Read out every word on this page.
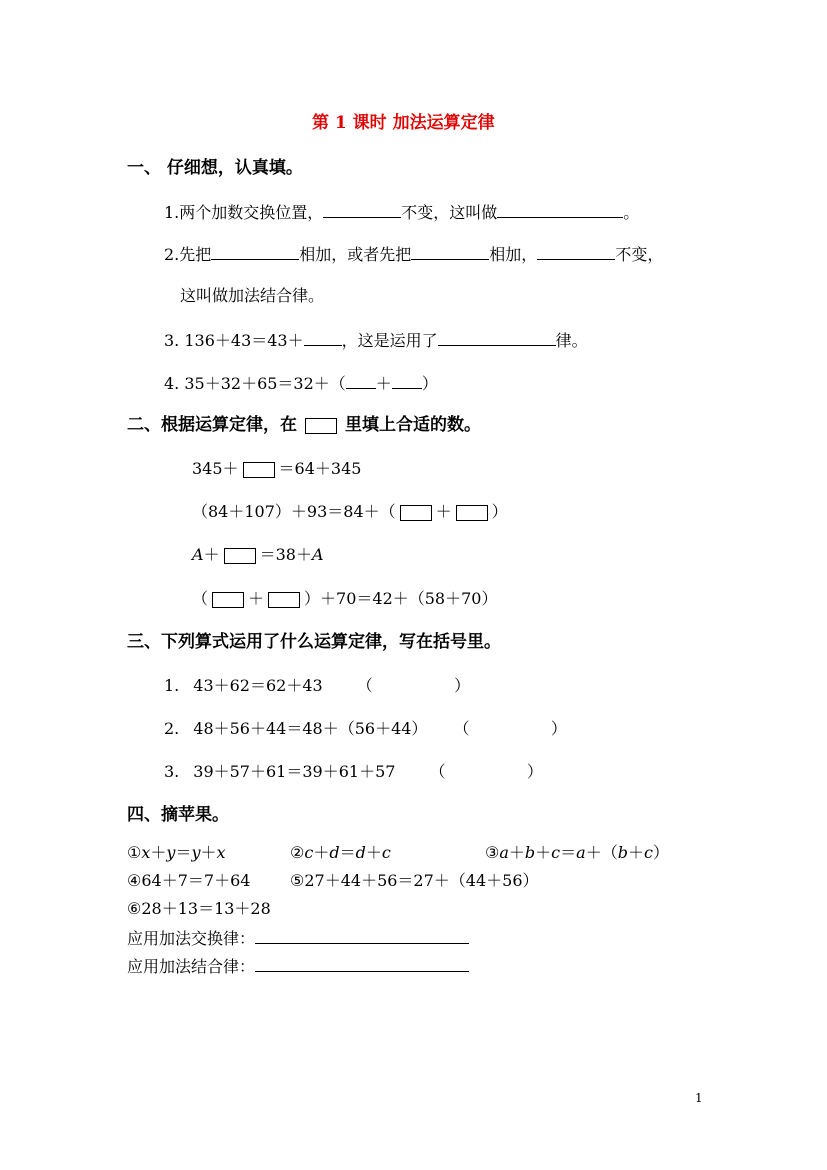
第 1 课时 加法运算定律
一、 仔细想，认真填。
1.两个加数交换位置，	不变，这叫做	。
2.先把	相加，或者先把	相加，	不变，
这叫做加法结合律。
3. 136＋43＝43＋ ，这是运用了	律。
4. 35＋32＋65＝32＋（ ＋ ）
二、根据运算定律，在	里填上合适的数。
345＋	＝64＋345
（84＋107）＋93＝84＋（	＋	）
A＋	＝38＋A
（	＋	）＋70＝42＋（58＋70）
三、下列算式运用了什么运算定律，写在括号里。
1. 43＋62＝62＋43 （                ）
2. 48＋56＋44＝48＋（56＋44） （                ）
3. 39＋57＋61＝39＋61＋57 （                ）
四、摘苹果。
①x＋y＝y＋x	②c＋d＝d＋c	③a＋b＋c＝a＋（b＋c）
④64＋7＝7＋64 ⑤27＋44＋56＝27＋（44＋56）
⑥28＋13＝13＋28
应用加法交换律：
应用加法结合律：
1
